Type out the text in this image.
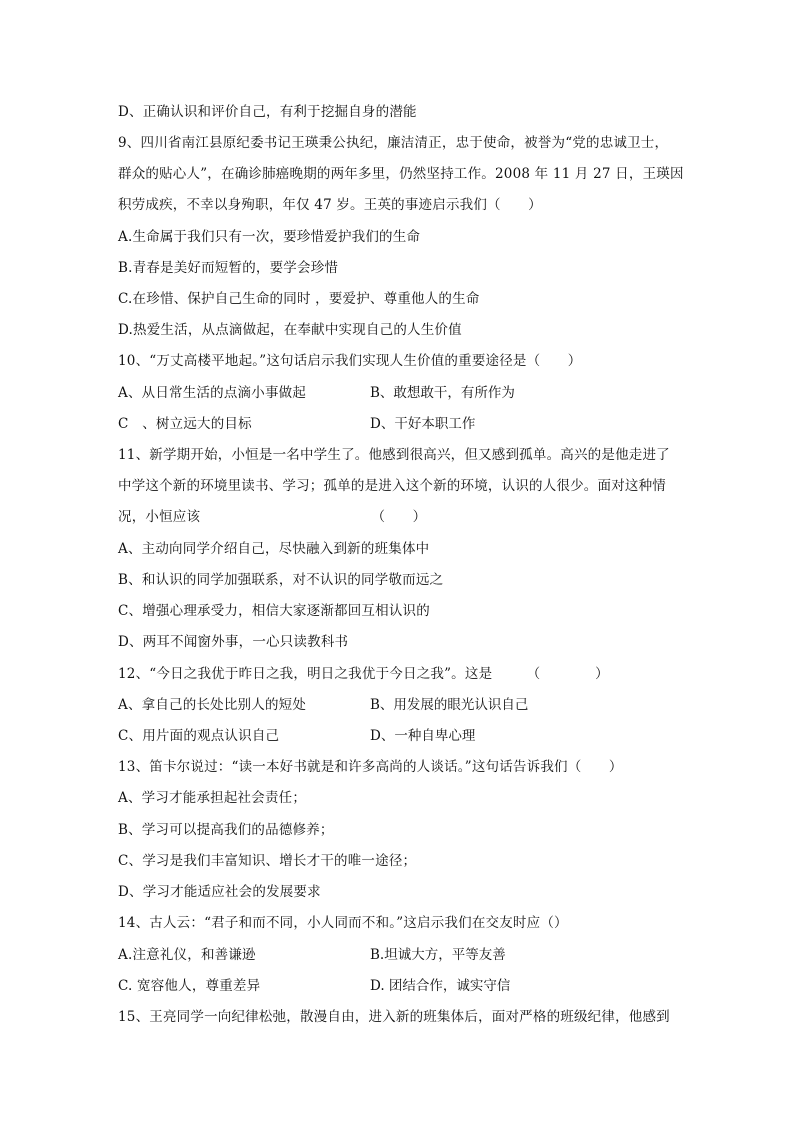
D、正确认识和评价自己，有利于挖掘自身的潜能
9、四川省南江县原纪委书记王瑛秉公执纪，廉洁清正，忠于使命，被誉为“党的忠诚卫士，
群众的贴心人”，在确诊肺癌晚期的两年多里，仍然坚持工作。2008 年 11 月 27 日，王瑛因
积劳成疾，不幸以身殉职，年仅 47 岁。王英的事迹启示我们（　　）
A.生命属于我们只有一次，要珍惜爱护我们的生命
B.青春是美好而短暂的，要学会珍惜
C.在珍惜、保护自己生命的同时 ，要爱护、尊重他人的生命
D.热爱生活，从点滴做起，在奉献中实现自己的人生价值
10、“万丈高楼平地起。”这句话启示我们实现人生价值的重要途径是（　　）
A、从日常生活的点滴小事做起	B、敢想敢干，有所作为
C　、树立远大的目标	D、干好本职工作
11、新学期开始，小恒是一名中学生了。他感到很高兴，但又感到孤单。高兴的是他走进了
中学这个新的环境里读书、学习；孤单的是进入这个新的环境，认识的人很少。面对这种情
况，小恒应该　　　　　　　　　　　　　（　　）
A、主动向同学介绍自己，尽快融入到新的班集体中
B、和认识的同学加强联系，对不认识的同学敬而远之
C、增强心理承受力，相信大家逐渐都回互相认识的
D、两耳不闻窗外事，一心只读教科书
12、“今日之我优于昨日之我，明日之我优于今日之我”。这是　　　（　　　　）
A、拿自己的长处比别人的短处	B、用发展的眼光认识自己
C、用片面的观点认识自己	D、一种自卑心理
13、笛卡尔说过：“读一本好书就是和许多高尚的人谈话。”这句话告诉我们（　　）
A、学习才能承担起社会责任；
B、学习可以提高我们的品德修养；
C、学习是我们丰富知识、增长才干的唯一途径；
D、学习才能适应社会的发展要求
14、古人云：“君子和而不同，小人同而不和。”这启示我们在交友时应（）
A.注意礼仪，和善谦逊	B.坦诚大方，平等友善
C. 宽容他人，尊重差异	D. 团结合作，诚实守信
15、王亮同学一向纪律松弛，散漫自由，进入新的班集体后，面对严格的班级纪律，他感到
